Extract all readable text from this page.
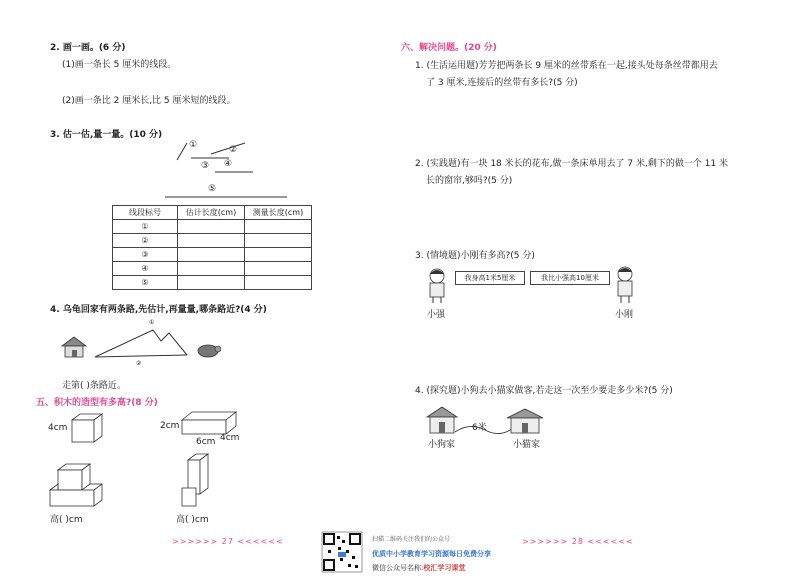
2. 画一画。(6 分)
(1)画一条长 5 厘米的线段。
(2)画一条比 2 厘米长,比 5 厘米短的线段。
3. 估一估,量一量。(10 分)
①	②
③ ④
⑤
线段标号	估计长度(cm)	测量长度(cm)
①		
②		
③		
④		
⑤		
4. 乌龟回家有两条路,先估计,再量量,哪条路近?(4 分)
①
②
走第( )条路近。
五、积木的造型有多高?(8 分)
4cm	2cm
6cm 4cm
高( )cm	高( )cm
>>>>>> 27 <<<<<<
六、解决问题。(20 分)
1. (生活运用题)芳芳把两条长 9 厘米的丝带系在一起,接头处每条丝带都用去
了 3 厘米,连接后的丝带有多长?(5 分)
2. (实践题)有一块 18 米长的花布,做一条床单用去了 7 米,剩下的做一个 11 米
长的窗帘,够吗?(5 分)
3. (情境题)小刚有多高?(5 分)
我身高1米5厘米	我比小强高10厘米
小强	小刚
4. (探究题)小狗去小猫家做客,若走这一次至少要走多少米?(5 分)
6米
小狗家	小猫家
>>>>>> 28 <<<<<<
扫描二维码关注我们的公众号
优质中小学教育学习资源每日免费分享
微信公众号名称:校汇学习课堂
